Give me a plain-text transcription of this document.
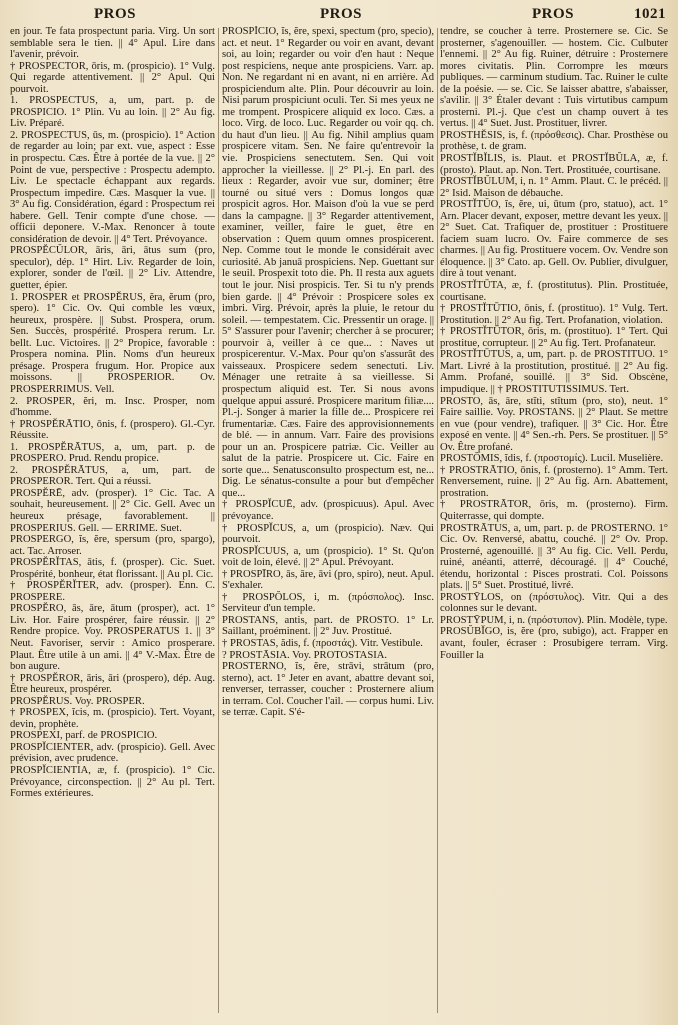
PROS	PROS	PROS	1021

en jour. Te fata prospectunt paria. Virg. Un sort semblable sera le tien. || 4° Apul. Lire dans l'avenir, prévoir.

† PROSPECTOR, ōris, m. (prospicio). 1° Vulg. Qui regarde attentivement. || 2° Apul. Qui pourvoit.

1. PROSPECTUS, a, um, part. p. de PROSPICIO. 1° Plin. Vu au loin. || 2° Au fig. Liv. Préparé.

2. PROSPECTUS, ūs, m. (prospicio). 1° Action de regarder au loin; par ext. vue, aspect : Esse in prospectu. Cæs. Être à portée de la vue. || 2° Point de vue, perspective : Prospectu adempto. Liv. Le spectacle échappant aux regards. Prospectum impedire. Cæs. Masquer la vue. || 3° Au fig. Considération, égard : Prospectum rei habere. Gell. Tenir compte d'une chose. — officii deponere. V.-Max. Renoncer à toute considération de devoir. || 4° Tert. Prévoyance.

PROSPĔCŬLOR, āris, āri, ātus sum (pro, speculor), dép. 1° Hirt. Liv. Regarder de loin, explorer, sonder de l'œil. || 2° Liv. Attendre, guetter, épier.

1. PROSPER et PROSPĔRUS, ĕra, ĕrum (pro, spero). 1° Cic. Ov. Qui comble les vœux, heureux, prospère. || Subst. Prospera, orum. Sen. Succès, prospérité. Prospera rerum. Lr. bellt. Luc. Victoires. || 2° Propice, favorable : Prospera nomina. Plin. Noms d'un heureux présage. Prospera frugum. Hor. Propice aux moissons. || PROSPERIOR. Ov. PROSPERRIMUS. Vell.

2. PROSPER, ĕri, m. Insc. Prosper, nom d'homme.

† PROSPĔRĀTIO, ōnis, f. (prospero). Gl.-Cyr. Réussite.

1. PROSPĔRĀTUS, a, um, part. p. de PROSPERO. Prud. Rendu propice.

2. PROSPĔRĀTUS, a, um, part. de PROSPEROR. Tert. Qui a réussi.

PROSPĔRĒ, adv. (prosper). 1° Cic. Tac. A souhait, heureusement. || 2° Cic. Gell. Avec un heureux présage, favorablement. || PROSPERIUS. Gell. — ERRIME. Suet.

PROSPERGO, ĭs, ĕre, spersum (pro, spargo), act. Tac. Arroser.

PROSPĔRĬTAS, ātis, f. (prosper). Cic. Suet. Prospérité, bonheur, état florissant. || Au pl. Cic.

† PROSPĔRĬTER, adv. (prosper). Enn. C. PROSPERE.

PROSPĔRO, ās, āre, ātum (prosper), act. 1° Liv. Hor. Faire prospérer, faire réussir. || 2° Rendre propice. Voy. PROSPERATUS 1. || 3° Neut. Favoriser, servir : Amico prosperare. Plaut. Être utile à un ami. || 4° V.-Max. Être de bon augure.

† PROSPĔROR, āris, āri (prospero), dép. Aug. Être heureux, prospérer.

PROSPĔRUS. Voy. PROSPER.

† PROSPEX, ĭcis, m. (prospicio). Tert. Voyant, devin, prophète.

PROSPEXI, parf. de PROSPICIO.

PROSPĬCIENTER, adv. (prospicio). Gell. Avec prévision, avec prudence.

PROSPĬCIENTIA, æ, f. (prospicio). 1° Cic. Prévoyance, circonspection. || 2° Au pl. Tert. Formes extérieures.

PROSPĬCIO, ĭs, ĕre, spexi, spectum (pro, specio), act. et neut. 1° Regarder ou voir en avant, devant soi, au loin; regarder ou voir d'en haut : Neque post respiciens, neque ante prospiciens. Varr. ap. Non. Ne regardant ni en avant, ni en arrière. Ad prospiciendum alte. Plin. Pour découvrir au loin. Nisi parum prospiciunt oculi. Ter. Si mes yeux ne me trompent. Prospicere aliquid ex loco. Cæs. a loco. Virg. de loco. Luc. Regarder ou voir qq. ch. du haut d'un lieu. || Au fig. Nihil amplius quam prospicere vitam. Sen. Ne faire qu'entrevoir la vie. Prospiciens senectutem. Sen. Qui voit approcher la vieillesse. || 2° Pl.-j. En parl. des lieux : Regarder, avoir vue sur, dominer; être tourné ou situé vers : Domus longos quæ prospicit agros. Hor. Maison d'où la vue se perd dans la campagne. || 3° Regarder attentivement, examiner, veiller, faire le guet, être en observation : Quem quum omnes prospicerent. Nep. Comme tout le monde le considérait avec curiosité. Ab januā prospiciens. Nep. Guettant sur le seuil. Prospexit toto die. Ph. Il resta aux aguets tout le jour. Nisi prospicis. Ter. Si tu n'y prends bien garde. || 4° Prévoir : Prospicere soles ex imbri. Virg. Prévoir, après la pluie, le retour du soleil. — tempestatem. Cic. Pressentir un orage. || 5° S'assurer pour l'avenir; chercher à se procurer; pourvoir à, veiller à ce que... : Naves ut prospicerentur. V.-Max. Pour qu'on s'assurât des vaisseaux. Prospicere sedem senectuti. Liv. Ménager une retraite à sa vieillesse. Si prospectum aliquid est. Ter. Si nous avons quelque appui assuré. Prospicere maritum filiæ.... Pl.-j. Songer à marier la fille de... Prospicere rei frumentariæ. Cæs. Faire des approvisionnements de blé. — in annum. Varr. Faire des provisions pour un an. Prospicere patriæ. Cic. Veiller au salut de la patrie. Prospicere ut. Cic. Faire en sorte que... Senatusconsulto prospectum est, ne... Dig. Le sénatus-consulte a pour but d'empêcher que...

† PROSPĬCUĒ, adv. (prospicuus). Apul. Avec prévoyance.

† PROSPĬCUS, a, um (prospicio). Næv. Qui pourvoit.

PROSPĬCUUS, a, um (prospicio). 1° St. Qu'on voit de loin, élevé. || 2° Apul. Prévoyant.

† PROSPĪRO, ās, āre, āvi (pro, spiro), neut. Apul. S'exhaler.

† PROSPŎLOS, i, m. (πρόσπολος). Insc. Serviteur d'un temple.

PROSTANS, antis, part. de PROSTO. 1° Lr. Saillant, proéminent. || 2° Juv. Prostitué.

† PROSTAS, ădis, f. (προστάς). Vitr. Vestibule.

? PROSTĀSIA. Voy. PROTOSTASIA.

PROSTERNO, ĭs, ĕre, strāvi, strātum (pro, sterno), act. 1° Jeter en avant, abattre devant soi, renverser, terrasser, coucher : Prosternere alium in terram. Col. Coucher l'ail. — corpus humi. Liv. se terræ. Capit. S'é-

tendre, se coucher à terre. Prosternere se. Cic. Se prosterner, s'agenouiller. — hostem. Cic. Culbuter l'ennemi. || 2° Au fig. Ruiner, détruire : Prosternere mores civitatis. Plin. Corrompre les mœurs publiques. — carminum studium. Tac. Ruiner le culte de la poésie. — se. Cic. Se laisser abattre, s'abaisser, s'avilir. || 3° Étaler devant : Tuis virtutibus campum prosterni. Pl.-j. Que c'est un champ ouvert à tes vertus. || 4° Suet. Just. Prostituer, livrer.

PROSTHĔSIS, is, f. (πρόσθεσις). Char. Prosthèse ou prothèse, t. de gram.

PROSTĬBĬLIS, is. Plaut. et PROSTĬBŬLA, æ, f. (prosto). Plaut. ap. Non. Tert. Prostituée, courtisane.

PROSTĬBŬLUM, i, n. 1° Amm. Plaut. C. le précéd. || 2° Isid. Maison de débauche.

PROSTĬTŬO, ĭs, ĕre, ui, ūtum (pro, statuo), act. 1° Arn. Placer devant, exposer, mettre devant les yeux. || 2° Suet. Cat. Trafiquer de, prostituer : Prostituere faciem suam lucro. Ov. Faire commerce de ses charmes. || Au fig. Prostituere vocem. Ov. Vendre son éloquence. || 3° Cato. ap. Gell. Ov. Publier, divulguer, dire à tout venant.

PROSTĬTŪTA, æ, f. (prostitutus). Plin. Prostituée, courtisane.

† PROSTĬTŪTIO, ōnis, f. (prostituo). 1° Vulg. Tert. Prostitution. || 2° Au fig. Tert. Profanation, violation.

† PROSTĬTŪTOR, ōris, m. (prostituo). 1° Tert. Qui prostitue, corrupteur. || 2° Au fig. Tert. Profanateur.

PROSTĬTŪTUS, a, um, part. p. de PROSTITUO. 1° Mart. Livré à la prostitution, prostitué. || 2° Au fig. Amm. Profané, souillé. || 3° Sid. Obscène, impudique. || † PROSTITUTISSIMUS. Tert.

PROSTO, ās, āre, stĭti, stĭtum (pro, sto), neut. 1° Faire saillie. Voy. PROSTANS. || 2° Plaut. Se mettre en vue (pour vendre), trafiquer. || 3° Cic. Hor. Être exposé en vente. || 4° Sen.-rh. Pers. Se prostituer. || 5° Ov. Être profané.

PROSTŎMIS, ĭdis, f. (προστομίς). Lucil. Muselière.

† PROSTRĀTIO, ōnis, f. (prosterno). 1° Amm. Tert. Renversement, ruine. || 2° Au fig. Arn. Abattement, prostration.

† PROSTRĀTOR, ōris, m. (prosterno). Firm. Quiterrasse, qui dompte.

PROSTRĀTUS, a, um, part. p. de PROSTERNO. 1° Cic. Ov. Renversé, abattu, couché. || 2° Ov. Prop. Prosterné, agenouillé. || 3° Au fig. Cic. Vell. Perdu, ruiné, anéanti, atterré, découragé. || 4° Couché, étendu, horizontal : Pisces prostrati. Col. Poissons plats. || 5° Suet. Prostitué, livré.

PROSTȲLOS, on (πρόστυλος). Vitr. Qui a des colonnes sur le devant.

PROSTȲPUM, i, n. (πρόστυπον). Plin. Modèle, type.

PROSŬBĬGO, is, ĕre (pro, subigo), act. Frapper en avant, fouler, écraser : Prosubigere terram. Virg. Fouiller la
